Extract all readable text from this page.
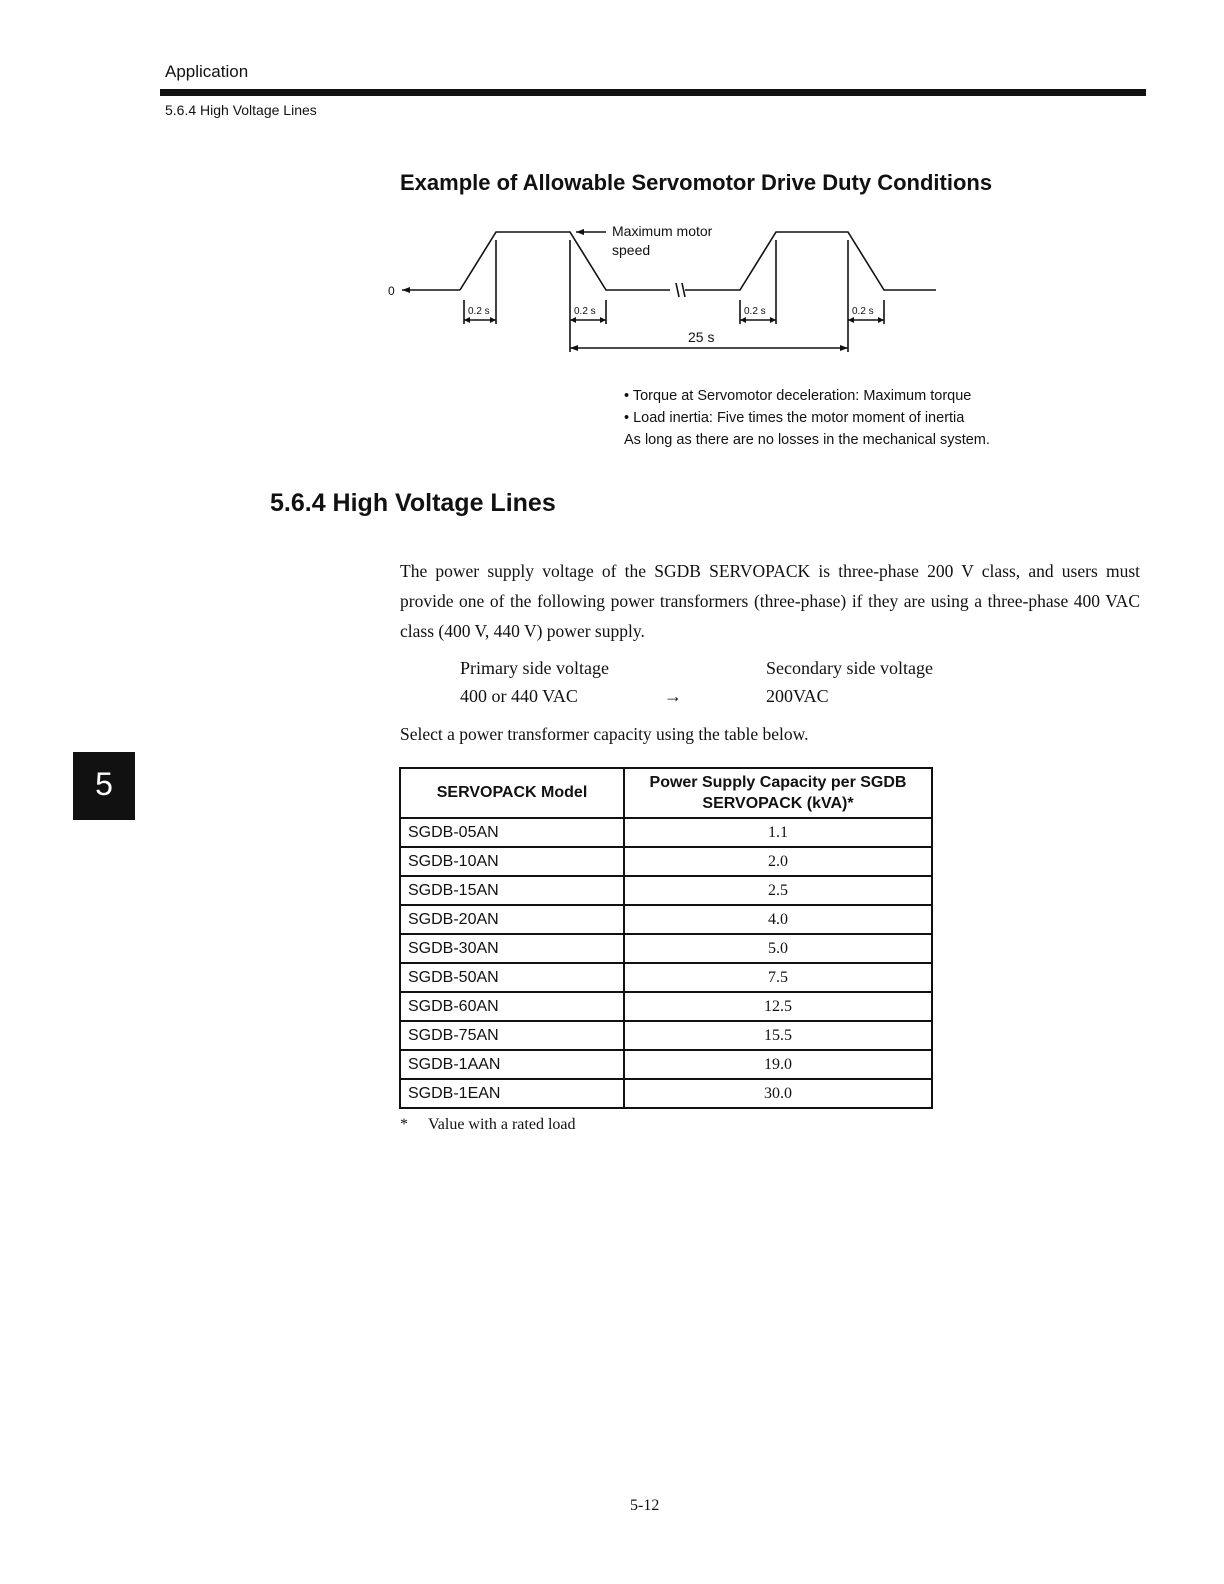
Application
5.6.4 High Voltage Lines
Example of Allowable Servomotor Drive Duty Conditions
0
Maximum motor
speed
0.2 s	0.2 s	0.2 s	0.2 s
25 s
• Torque at Servomotor deceleration: Maximum torque
• Load inertia: Five times the motor moment of inertia
As long as there are no losses in the mechanical system.
5.6.4 High Voltage Lines
The power supply voltage of the SGDB SERVOPACK is three-phase 200 V class, and users must provide one of the following power transformers (three-phase) if they are using a three-phase 400 VAC class (400 V, 440 V) power supply.
Primary side voltage	Secondary side voltage
400 or 440 VAC	→	200VAC
Select a power transformer capacity using the table below.
SERVOPACK Model	Power Supply Capacity per SGDB SERVOPACK (kVA)*
SGDB-05AN	1.1
SGDB-10AN	2.0
SGDB-15AN	2.5
SGDB-20AN	4.0
SGDB-30AN	5.0
SGDB-50AN	7.5
SGDB-60AN	12.5
SGDB-75AN	15.5
SGDB-1AAN	19.0
SGDB-1EAN	30.0
* Value with a rated load
5
5-12
